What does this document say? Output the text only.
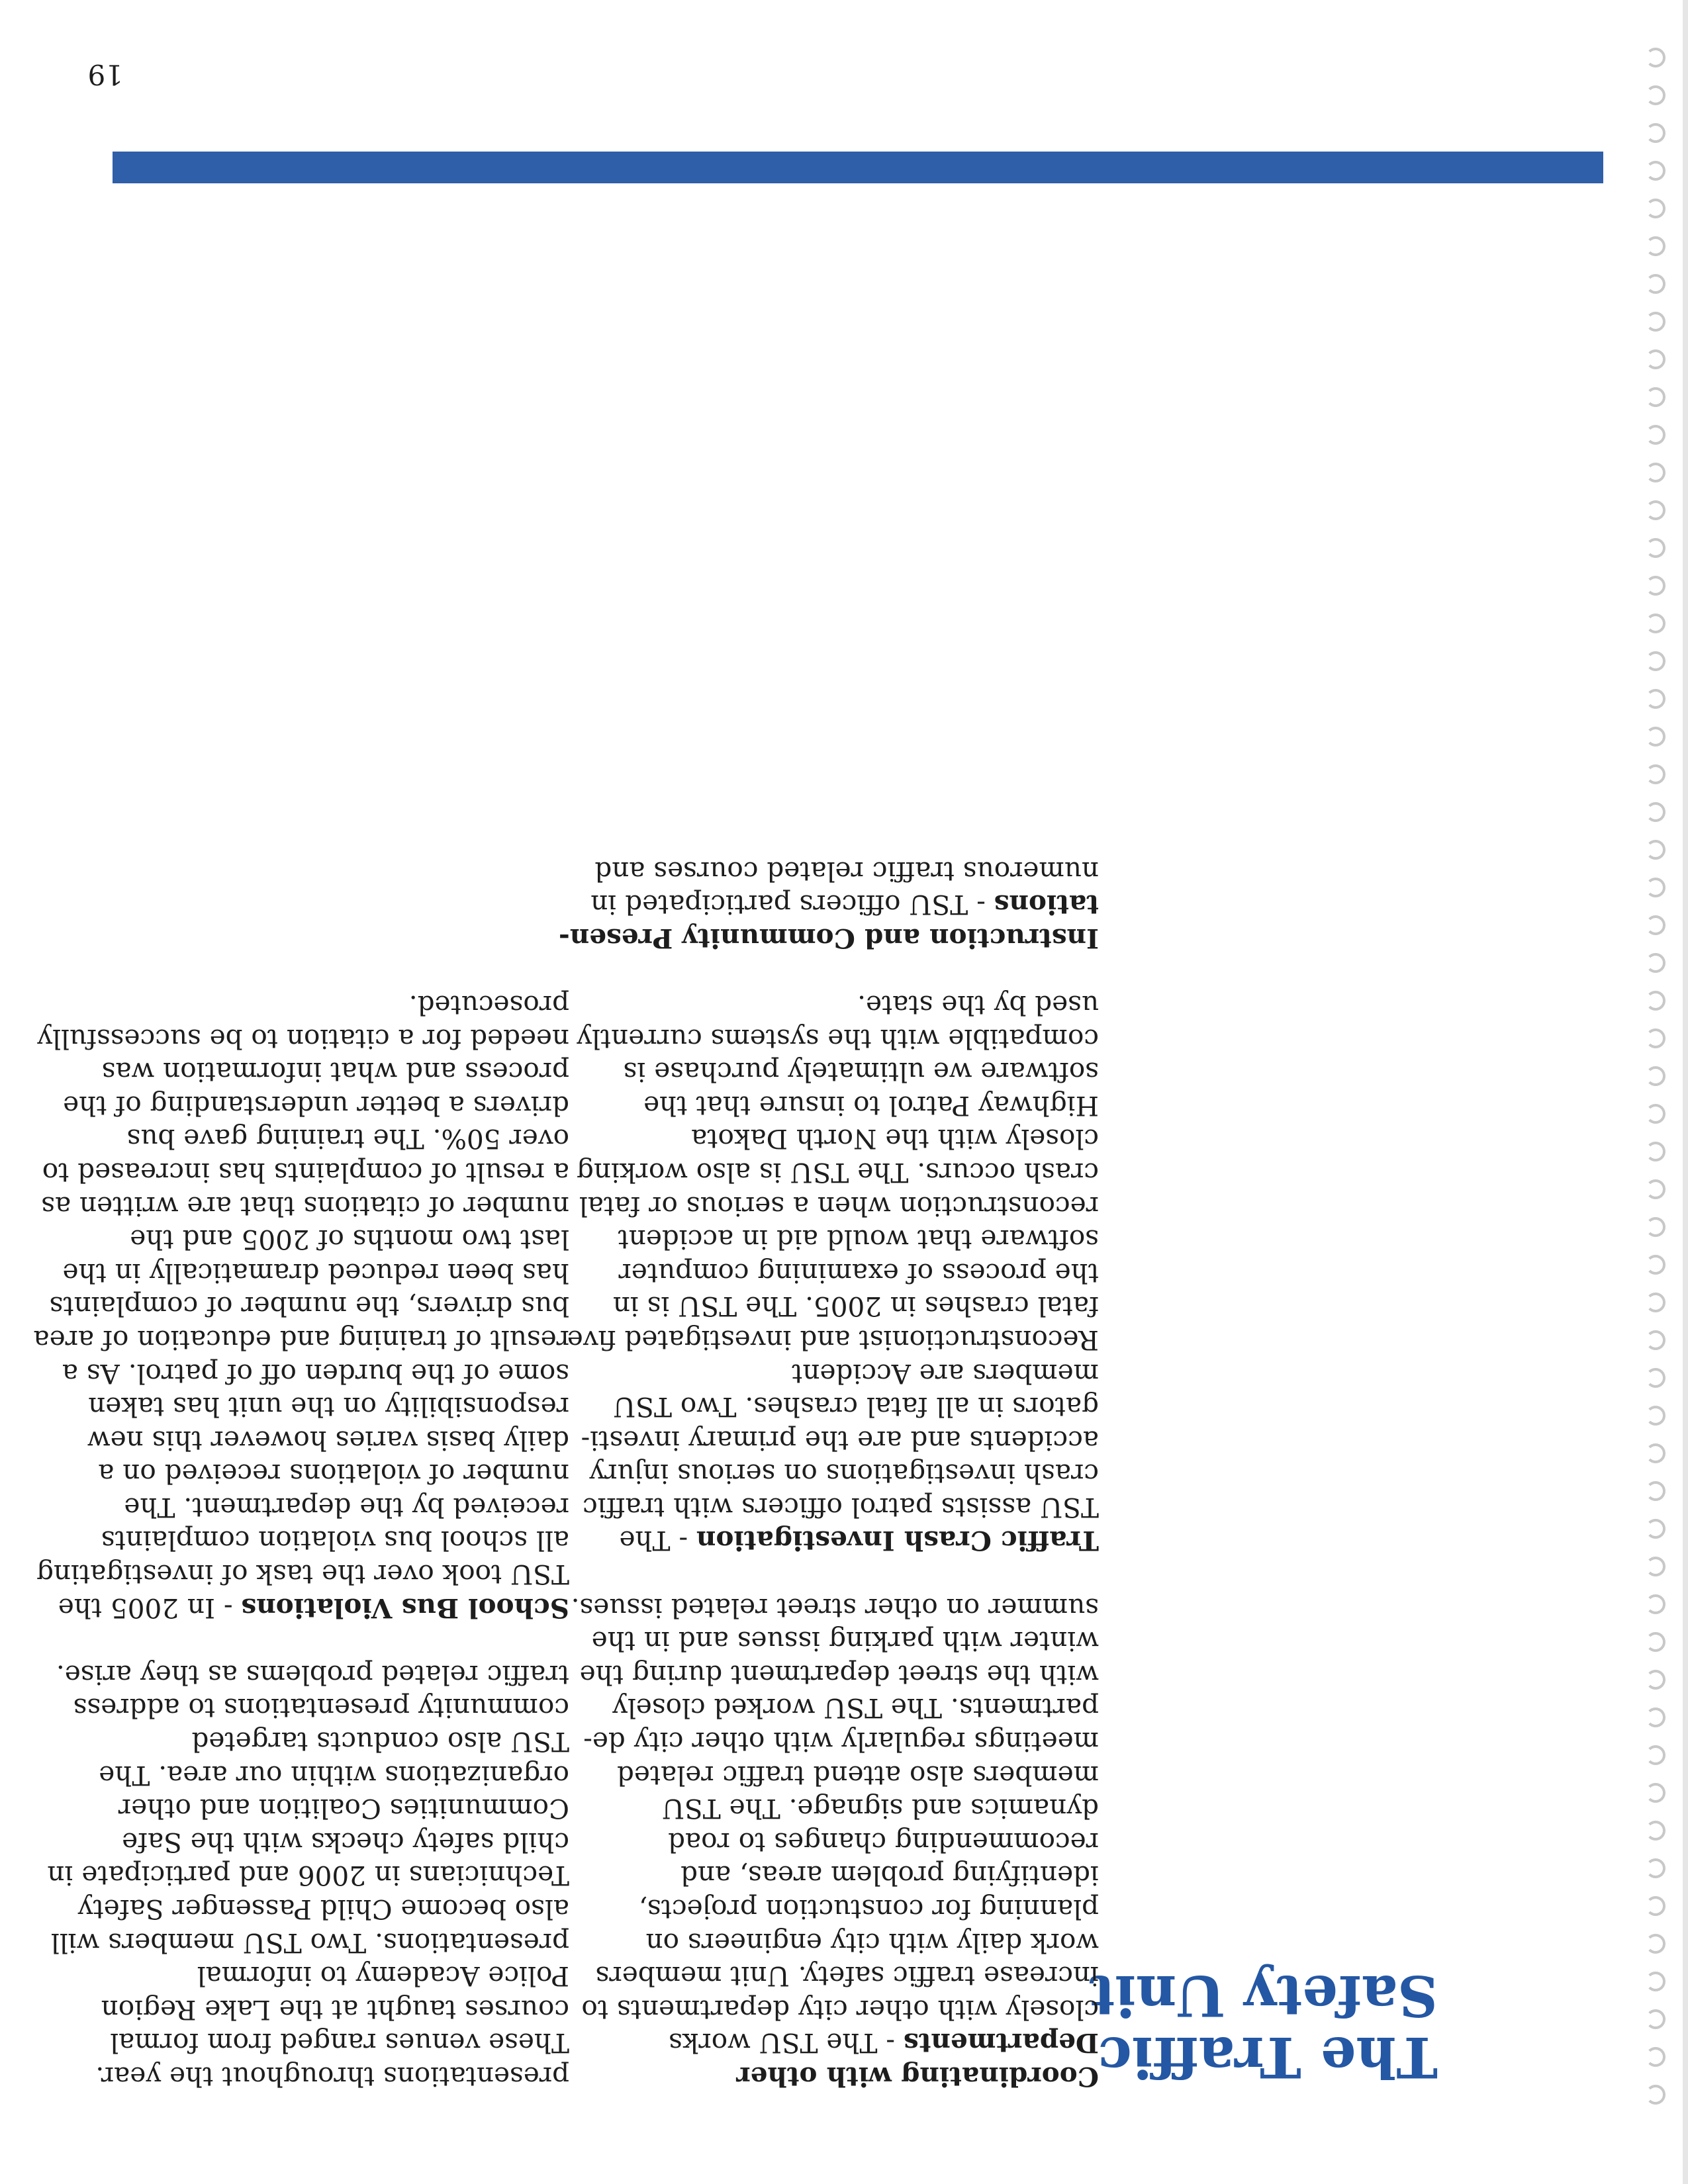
The Traffic
Safety Unit

Coordinating with other

Departments - The TSU works

closely with other city departments to

increase traffic safety. Unit members

work daily with city engineers on

planning for constuction projects,

identifying problem areas, and

recommending changes to road

dynamics and signage. The TSU

members also attend traffic related

meetings regularly with other city de-

partments. The TSU worked closely

with the street department during the

winter with parking issues and in the

summer on other street related issues.

Traffic Crash Investigation - The

TSU assists patrol officers with traffic

crash investigations on serious injury

accidents and are the primary investi-

gators in all fatal crashes. Two TSU

members are Accident

Reconstructionist and investigated five

fatal crashes in 2005. The TSU is in

the process of examining computer

software that would aid in accident

reconstruction when a serious or fatal

crash occurs. The TSU is also working

closely with the North Dakota

Highway Patrol to insure that the

software we ultimately purchase is

compatible with the systems currently

used by the state.

Instruction and Community Presen-

tations - TSU officers participated in

numerous traffic related courses and

presentations throughout the year.

These venues ranged from formal

courses taught at the Lake Region

Police Academy to informal

presentations. Two TSU members will

also become Child Passenger Safety

Technicians in 2006 and participate in

child safety checks with the Safe

Communities Coalition and other

organizations within our area. The

TSU also conducts targeted

community presentations to address

traffic related problems as they arise.

School Bus Violations - In 2005 the

TSU took over the task of investigating

all school bus violation complaints

received by the department. The

number of violations received on a

daily basis varies however this new

responsibility on the unit has taken

some of the burden off of patrol. As a

result of training and education of area

bus drivers, the number of complaints

has been reduced dramatically in the

last two months of 2005 and the

number of citations that are written as

a result of complaints has increased to

over 50%. The training gave bus

drivers a better understanding of the

process and what information was

needed for a citation to be successfully

prosecuted.

19
